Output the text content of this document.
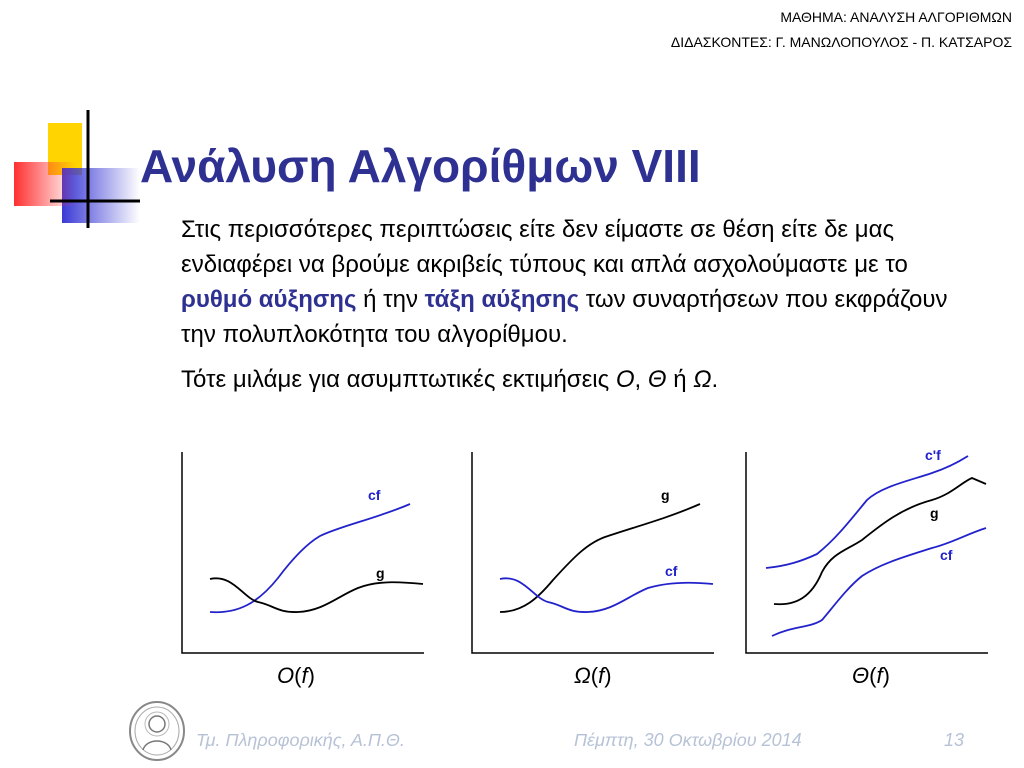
ΜΑΘΗΜΑ: ΑΝΑΛΥΣΗ ΑΛΓΟΡΙΘΜΩΝ
ΔΙΔΑΣΚΟΝΤΕΣ: Γ. ΜΑΝΩΛΟΠΟΥΛΟΣ - Π. ΚΑΤΣΑΡΟΣ
Ανάλυση Αλγορίθμων VIII

Στις περισσότερες περιπτώσεις είτε δεν είμαστε σε θέση είτε δε μας ενδιαφέρει να βρούμε ακριβείς τύπους και απλά ασχολούμαστε με το ρυθμό αύξησης ή την τάξη αύξησης των συναρτήσεων που εκφράζουν την πολυπλοκότητα του αλγορίθμου.

Τότε μιλάμε για ασυμπτωτικές εκτιμήσεις O, Θ ή Ω.

cf
g
g
cf
c'f
g
cf
O(f)	Ω(f)	Θ(f)
Τμ. Πληροφορικής, Α.Π.Θ.	Πέμπτη, 30 Οκτωβρίου 2014	13
